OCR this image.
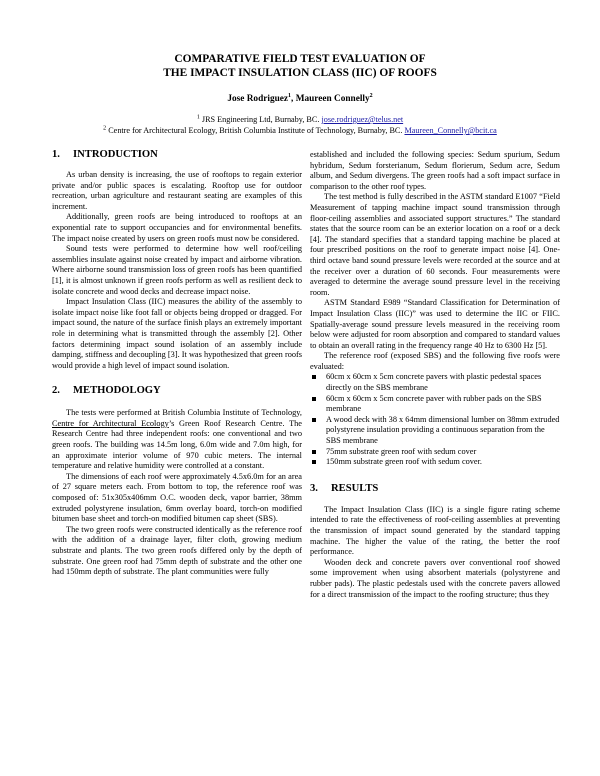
COMPARATIVE FIELD TEST EVALUATION OF
THE IMPACT INSULATION CLASS (IIC) OF ROOFS
Jose Rodriguez$^1$, Maureen Connelly$^2$
$^1$ JRS Engineering Ltd, Burnaby, BC. jose.rodriguez@telus.net
$^2$ Centre for Architectural Ecology, British Columbia Institute of Technology, Burnaby, BC. Maureen_Connelly@bcit.ca
1. INTRODUCTION

As urban density is increasing, the use of rooftops to regain exterior private and/or public spaces is escalating. Rooftop use for outdoor recreation, urban agriculture and restaurant seating are examples of this increment.

Additionally, green roofs are being introduced to rooftops at an exponential rate to support occupancies and for environmental benefits. The impact noise created by users on green roofs must now be considered.

Sound tests were performed to determine how well roof/ceiling assemblies insulate against noise created by impact and airborne vibration. Where airborne sound transmission loss of green roofs has been quantified [1], it is almost unknown if green roofs perform as well as resilient deck to isolate concrete and wood decks and decrease impact noise.

Impact Insulation Class (IIC) measures the ability of the assembly to isolate impact noise like foot fall or objects being dropped or dragged. For impact sound, the nature of the surface finish plays an extremely important role in determining what is transmitted through the assembly [2]. Other factors determining impact sound isolation of an assembly include damping, stiffness and decoupling [3]. It was hypothesized that green roofs would provide a high level of impact sound isolation.

2. METHODOLOGY

The tests were performed at British Columbia Institute of Technology, Centre for Architectural Ecology’s Green Roof Research Centre. The Research Centre had three independent roofs: one conventional and two green roofs. The building was 14.5m long, 6.0m wide and 7.0m high, for an approximate interior volume of 970 cubic meters. The internal temperature and relative humidity were controlled at a constant.

The dimensions of each roof were approximately 4.5x6.0m for an area of 27 square meters each. From bottom to top, the reference roof was composed of: 51x305x406mm O.C. wooden deck, vapor barrier, 38mm extruded polystyrene insulation, 6mm overlay board, torch-on modified bitumen base sheet and torch-on modified bitumen cap sheet (SBS).

The two green roofs were constructed identically as the reference roof with the addition of a drainage layer, filter cloth, growing medium substrate and plants. The two green roofs differed only by the depth of substrate. One green roof had 75mm depth of substrate and the other one had 150mm depth of substrate. The plant communities were fully

established and included the following species: Sedum spurium, Sedum hybridum, Sedum forsterianum, Sedum florierum, Sedum acre, Sedum album, and Sedum divergens. The green roofs had a soft impact surface in comparison to the other roof types.

The test method is fully described in the ASTM standard E1007 “Field Measurement of tapping machine impact sound transmission through floor-ceiling assemblies and associated support structures.” The standard states that the source room can be an exterior location on a roof or a deck [4]. The standard specifies that a standard tapping machine be placed at four prescribed positions on the roof to generate impact noise [4]. One-third octave band sound pressure levels were recorded at the source and at the receiver over a duration of 60 seconds. Four measurements were averaged to determine the average sound pressure level in the receiving room.

ASTM Standard E989 “Standard Classification for Determination of Impact Insulation Class (IIC)” was used to determine the IIC or FIIC. Spatially-average sound pressure levels measured in the receiving room below were adjusted for room absorption and compared to standard values to obtain an overall rating in the frequency range 40 Hz to 6300 Hz [5].

The reference roof (exposed SBS) and the following five roofs were evaluated:

60cm x 60cm x 5cm concrete pavers with plastic pedestal spaces directly on the SBS membrane
60cm x 60cm x 5cm concrete paver with rubber pads on the SBS membrane
A wood deck with 38 x 64mm dimensional lumber on 38mm extruded polystyrene insulation providing a continuous separation from the SBS membrane
75mm substrate green roof with sedum cover
150mm substrate green roof with sedum cover.
3. RESULTS

The Impact Insulation Class (IIC) is a single figure rating scheme intended to rate the effectiveness of roof-ceiling assemblies at preventing the transmission of impact sound generated by the standard tapping machine. The higher the value of the rating, the better the roof performance.

Wooden deck and concrete pavers over conventional roof showed some improvement when using absorbent materials (polystyrene and rubber pads). The plastic pedestals used with the concrete pavers allowed for a direct transmission of the impact to the roofing structure; thus they
